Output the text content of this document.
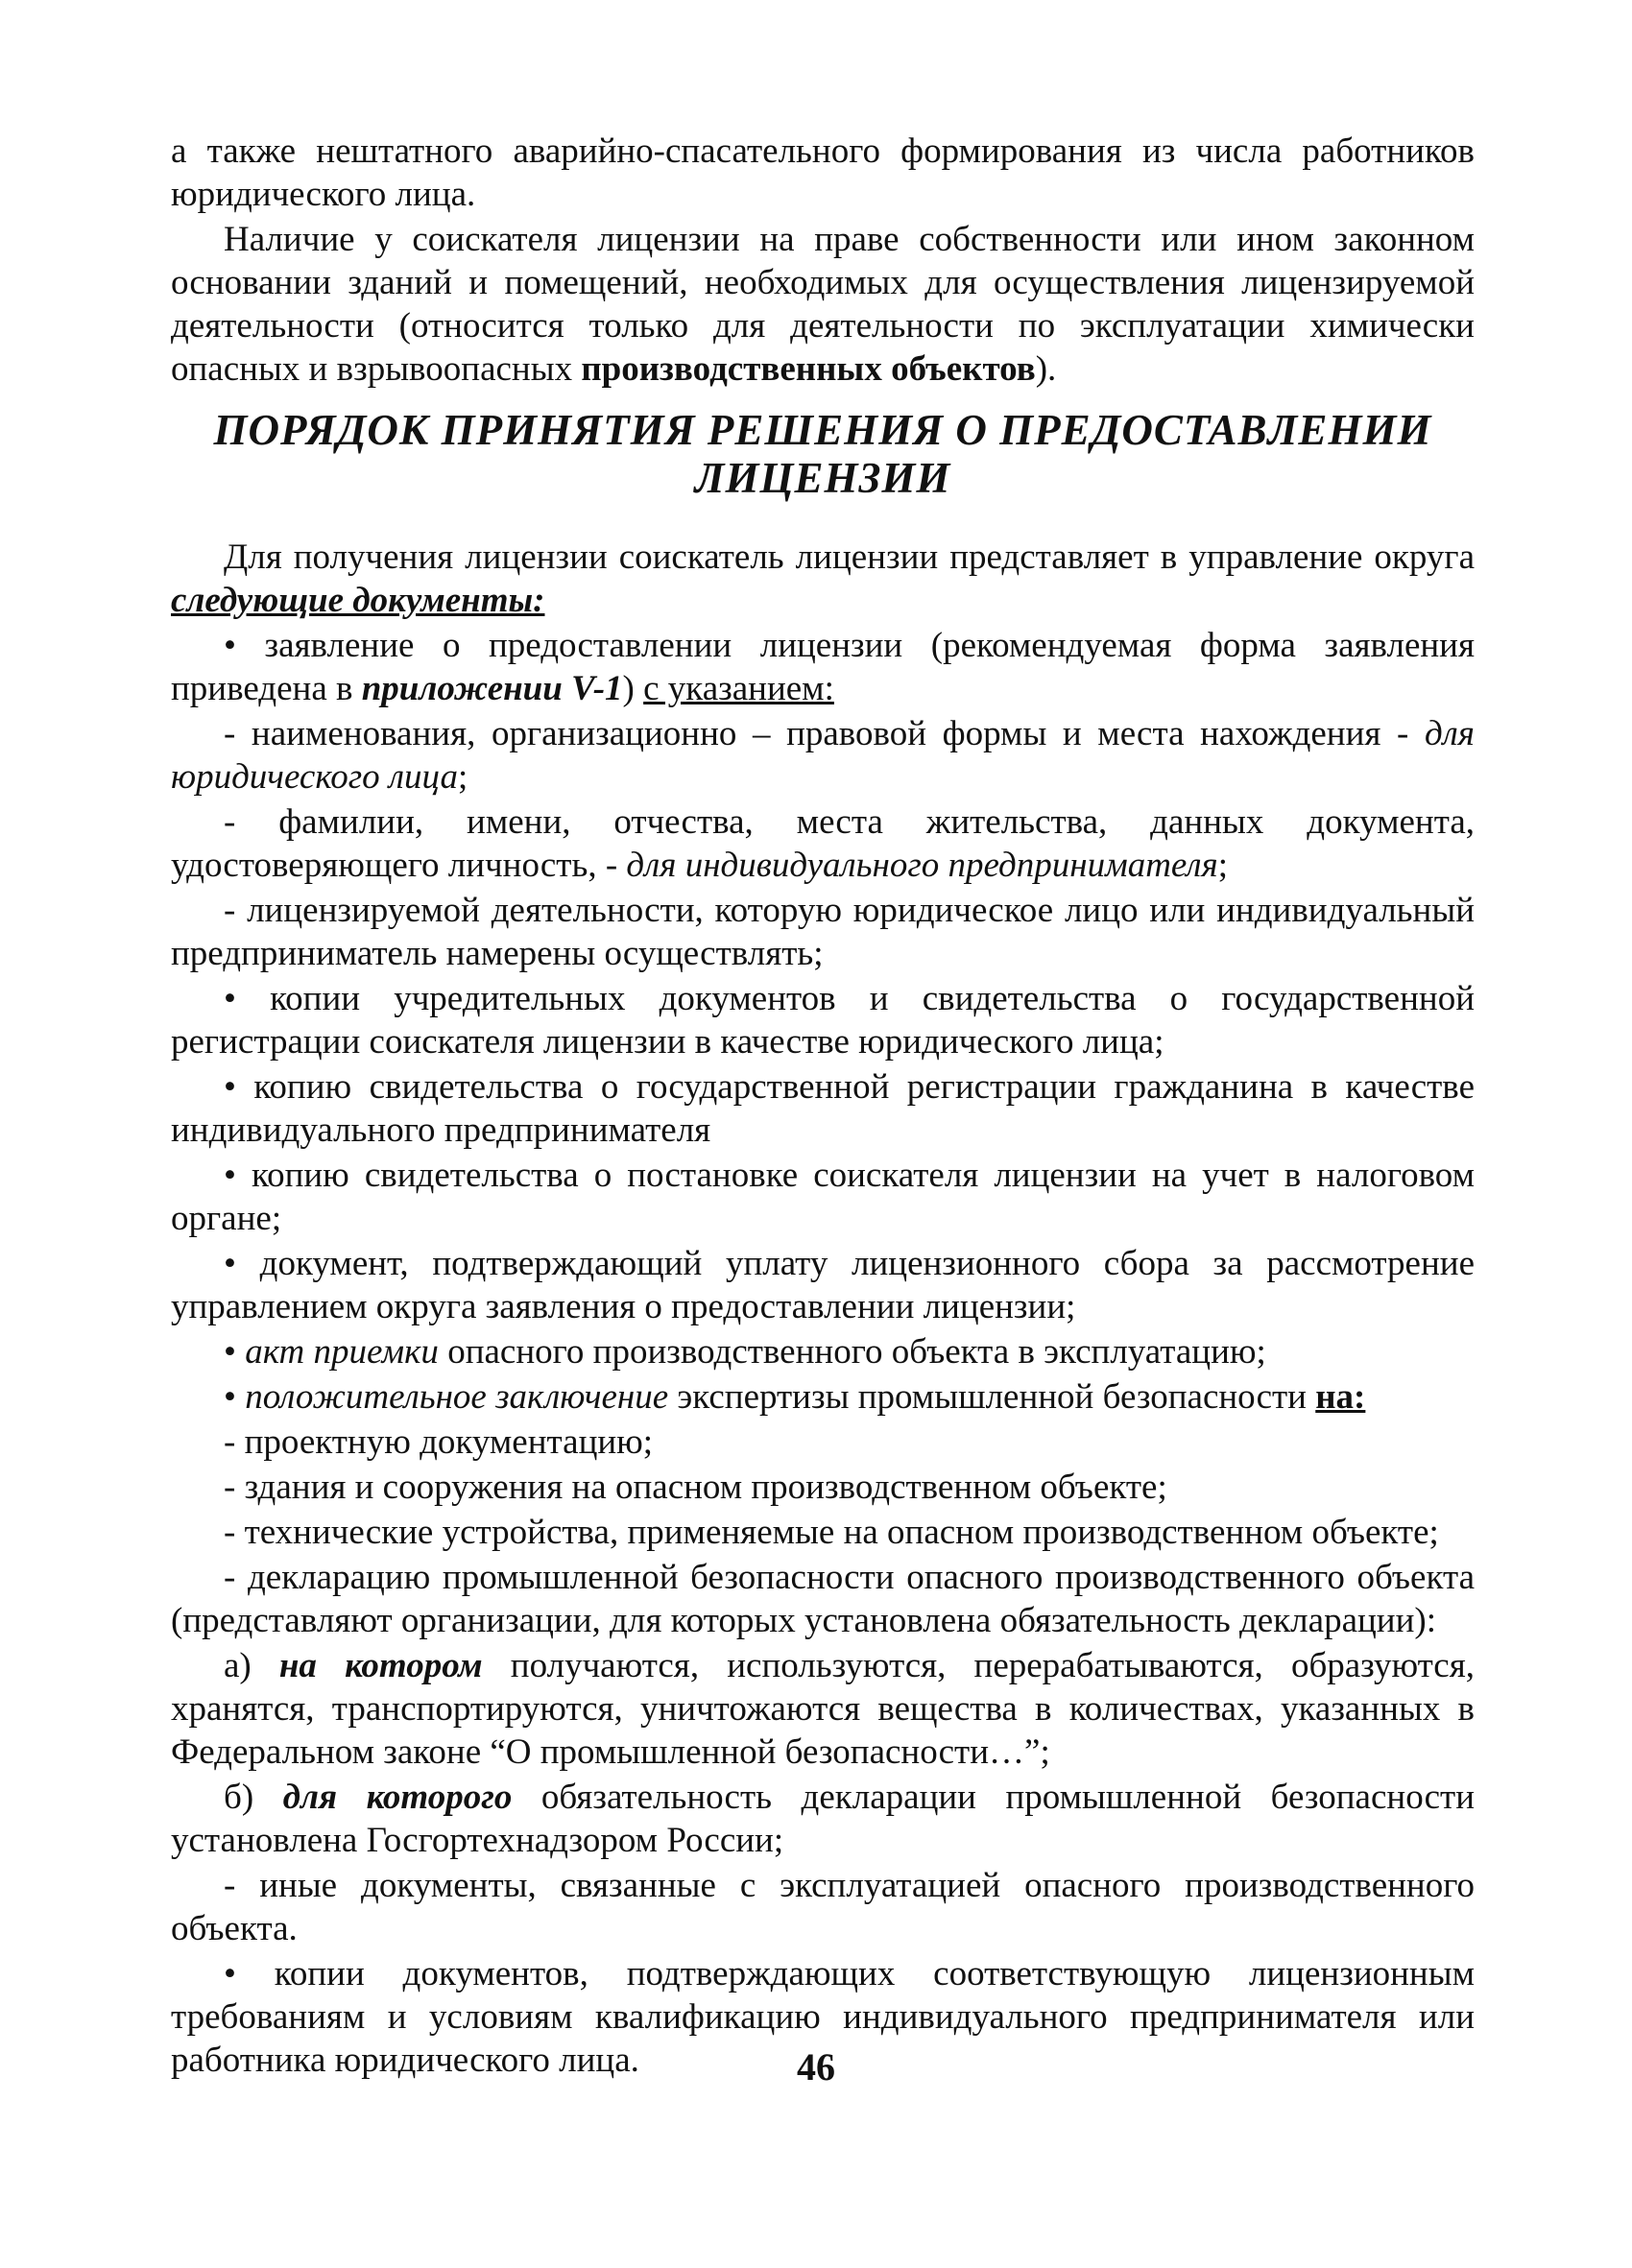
а также нештатного аварийно-спасательного формирования из числа работников юридического лица.

Наличие у соискателя лицензии на праве собственности или ином законном основании зданий и помещений, необходимых для осуществления лицензируемой деятельности (относится только для деятельности по эксплуатации химически опасных и взрывоопасных производственных объектов).

ПОРЯДОК ПРИНЯТИЯ РЕШЕНИЯ О ПРЕДОСТАВЛЕНИИ
ЛИЦЕНЗИИ

Для получения лицензии соискатель лицензии представляет в управление округа следующие документы:

• заявление о предоставлении лицензии (рекомендуемая форма заявления приведена в приложении V-1) с указанием:

- наименования, организационно – правовой формы и места нахождения - для юридического лица;

- фамилии, имени, отчества, места жительства, данных документа, удостоверяющего личность, - для индивидуального предпринимателя;

- лицензируемой деятельности, которую юридическое лицо или индивидуальный предприниматель намерены осуществлять;

• копии учредительных документов и свидетельства о государственной регистрации соискателя лицензии в качестве юридического лица;

• копию свидетельства о государственной регистрации гражданина в качестве индивидуального предпринимателя

• копию свидетельства о постановке соискателя лицензии на учет в налоговом органе;

• документ, подтверждающий уплату лицензионного сбора за рассмотрение управлением округа заявления о предоставлении лицензии;

• акт приемки опасного производственного объекта в эксплуатацию;

• положительное заключение экспертизы промышленной безопасности на:

- проектную документацию;

- здания и сооружения на опасном производственном объекте;

- технические устройства, применяемые на опасном производственном объекте;

- декларацию промышленной безопасности опасного производственного объекта (представляют организации, для которых установлена обязательность декларации):

а) на котором получаются, используются, перерабатываются, образуются, хранятся, транспортируются, уничтожаются вещества в количествах, указанных в Федеральном законе “О промышленной безопасности…”;

б) для которого обязательность декларации промышленной безопасности установлена Госгортехнадзором России;

- иные документы, связанные с эксплуатацией опасного производственного объекта.

• копии документов, подтверждающих соответствующую лицензионным требованиям и условиям квалификацию индивидуального предпринимателя или работника юридического лица.	46
